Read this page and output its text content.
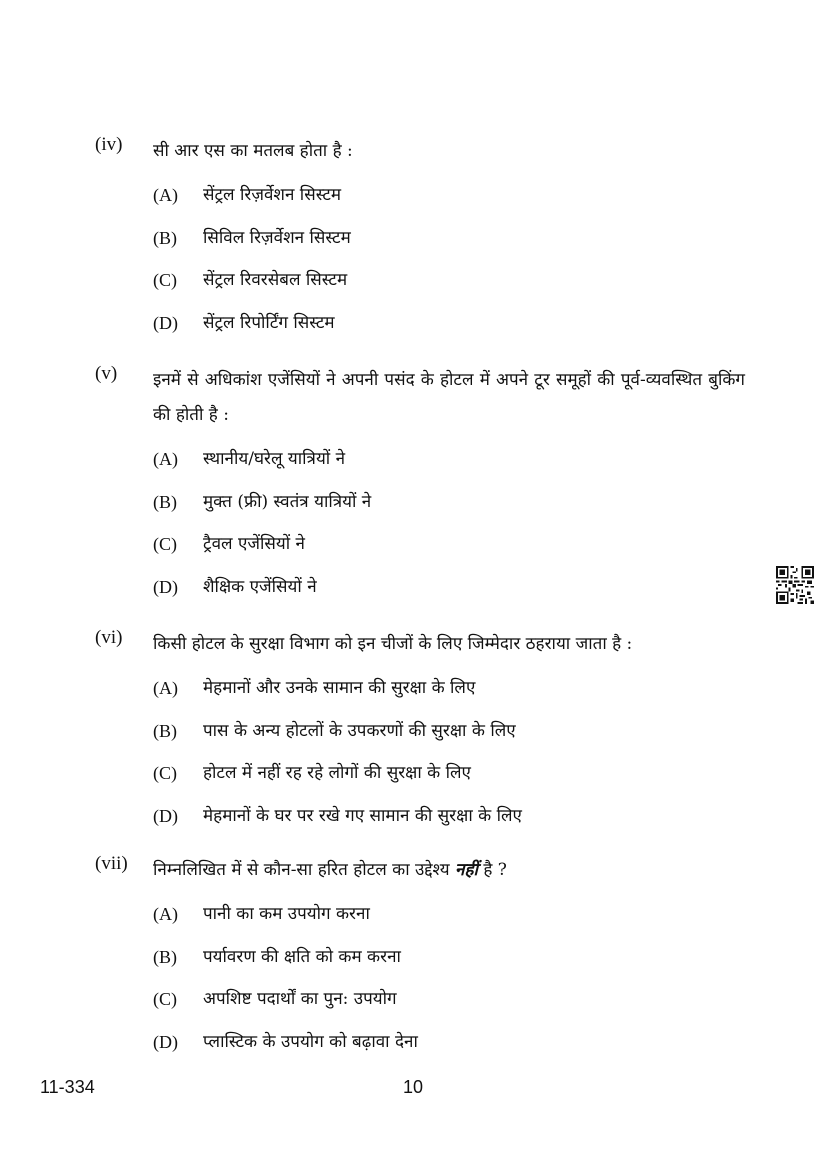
(iv)	सी आर एस का मतलब होता है :
(A) सेंट्रल रिज़र्वेशन सिस्टम
(B) सिविल रिज़र्वेशन सिस्टम
(C) सेंट्रल रिवरसेबल सिस्टम
(D) सेंट्रल रिपोर्टिंग सिस्टम
(v)	इनमें से अधिकांश एजेंसियों ने अपनी पसंद के होटल में अपने टूर समूहों की पूर्व-व्यवस्थित बुकिंग की होती है :
(A) स्थानीय/घरेलू यात्रियों ने
(B) मुक्त (फ्री) स्वतंत्र यात्रियों ने
(C) ट्रैवल एजेंसियों ने
(D) शैक्षिक एजेंसियों ने
(vi)	किसी होटल के सुरक्षा विभाग को इन चीजों के लिए जिम्मेदार ठहराया जाता है :
(A) मेहमानों और उनके सामान की सुरक्षा के लिए
(B) पास के अन्य होटलों के उपकरणों की सुरक्षा के लिए
(C) होटल में नहीं रह रहे लोगों की सुरक्षा के लिए
(D) मेहमानों के घर पर रखे गए सामान की सुरक्षा के लिए
(vii)	निम्नलिखित में से कौन-सा हरित होटल का उद्देश्य नहीं है ?
(A) पानी का कम उपयोग करना
(B) पर्यावरण की क्षति को कम करना
(C) अपशिष्ट पदार्थों का पुन: उपयोग
(D) प्लास्टिक के उपयोग को बढ़ावा देना
11-334	10
